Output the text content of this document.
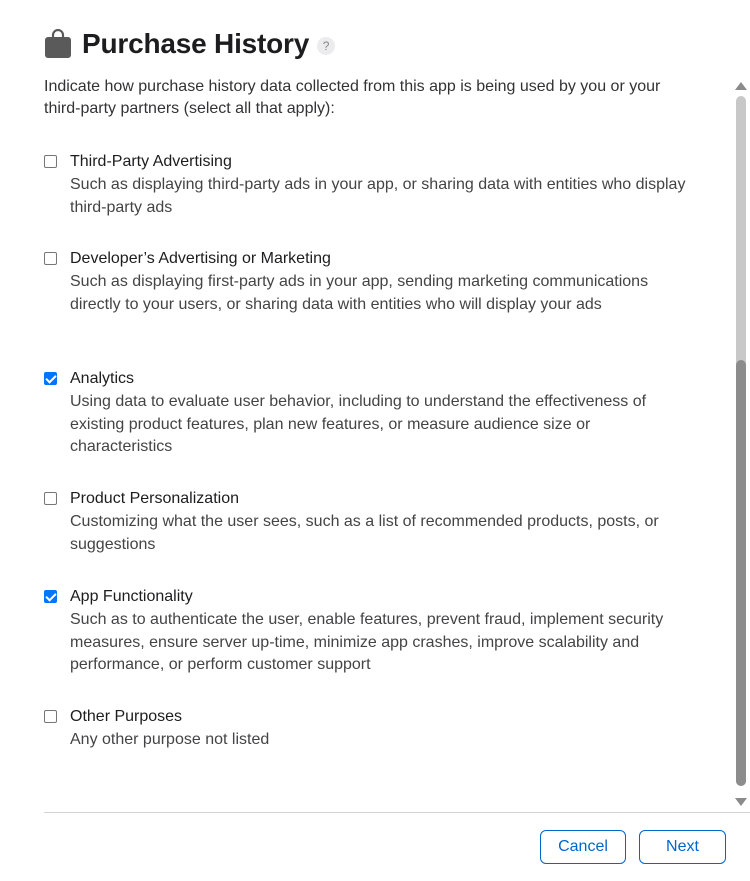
Purchase History	?
Indicate how purchase history data collected from this app is being used by you or your third-party partners (select all that apply):
Third-Party Advertising
Such as displaying third-party ads in your app, or sharing data with entities who display third-party ads
Developer’s Advertising or Marketing
Such as displaying first-party ads in your app, sending marketing communications directly to your users, or sharing data with entities who will display your ads
Analytics
Using data to evaluate user behavior, including to understand the effectiveness of existing product features, plan new features, or measure audience size or characteristics
Product Personalization
Customizing what the user sees, such as a list of recommended products, posts, or suggestions
App Functionality
Such as to authenticate the user, enable features, prevent fraud, implement security measures, ensure server up-time, minimize app crashes, improve scalability and performance, or perform customer support
Other Purposes
Any other purpose not listed
Cancel	Next
